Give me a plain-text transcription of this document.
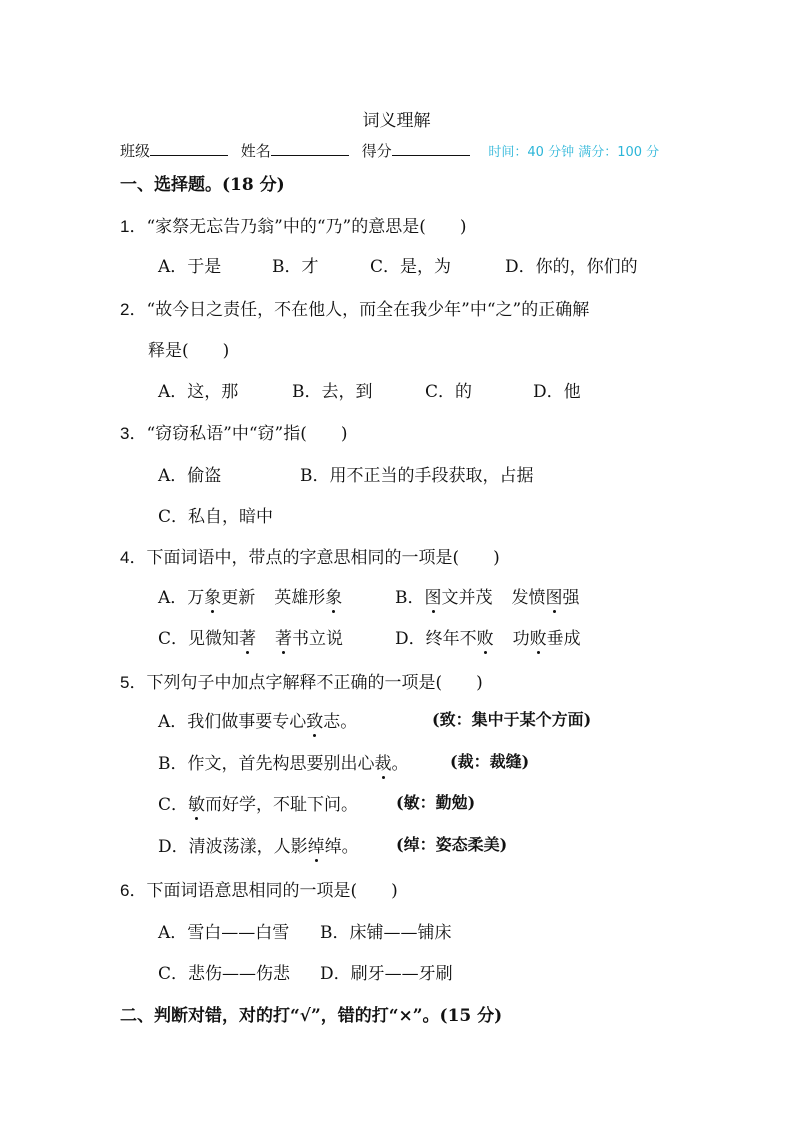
词义理解
班级	姓名	得分	时间：40 分钟 满分：100 分
一、选择题。(18 分)
1．“家祭无忘告乃翁”中的“乃”的意思是(　　)
A．于是	B．才	C．是，为	D．你的，你们的
2．“故今日之责任，不在他人，而全在我少年”中“之”的正确解
释是(　　)
A．这，那	B．去，到	C．的	D．他
3．“窃窃私语”中“窃”指(　　)
A．偷盗	B．用不正当的手段获取，占据
C．私自，暗中
4．下面词语中，带点的字意思相同的一项是(　　)
A．万象更新 英雄形象	B．图文并茂 发愤图强
C．见微知著 著书立说	D．终年不败 功败垂成
5．下列句子中加点字解释不正确的一项是(　　)
A．我们做事要专心致志。	(致：集中于某个方面)
B．作文，首先构思要别出心裁。	(裁：裁缝)
C．敏而好学，不耻下问。 (敏：勤勉)
D．清波荡漾，人影绰绰。 (绰：姿态柔美)
6．下面词语意思相同的一项是(　　)
A．雪白——白雪 B．床铺——铺床
C．悲伤——伤悲 D．刷牙——牙刷
二、判断对错，对的打“√”，错的打“×”。(15 分)
